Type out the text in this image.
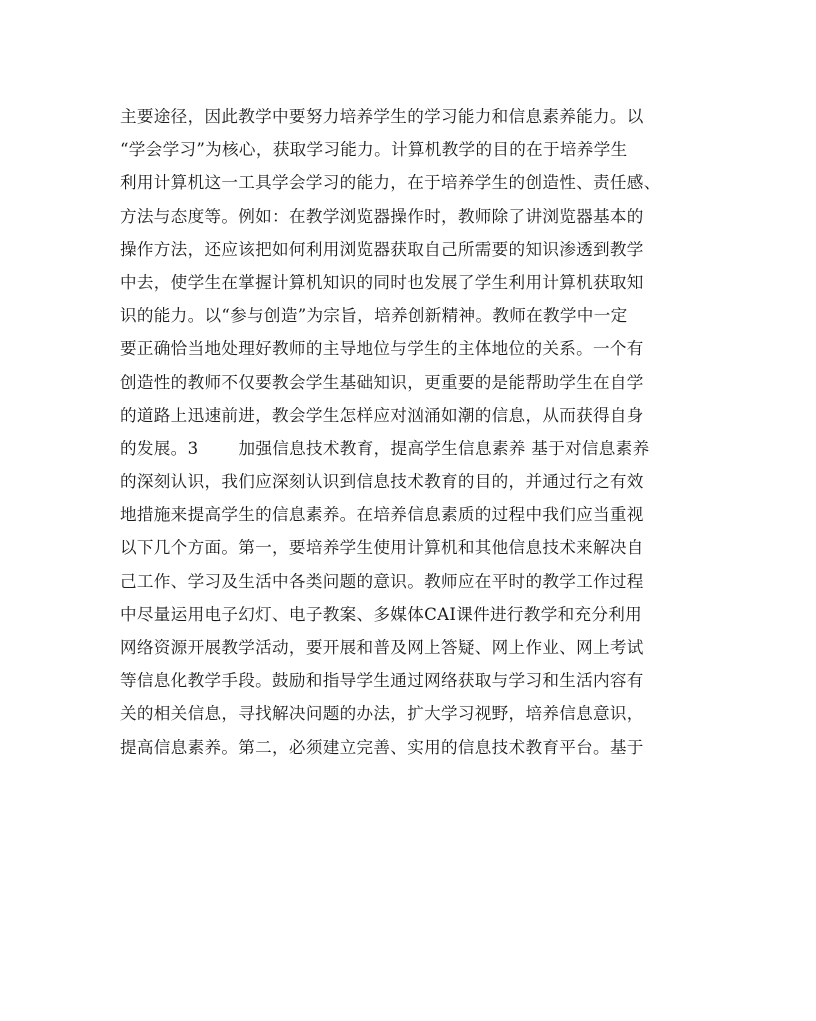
主要途径，因此教学中要努力培养学生的学习能力和信息素养能力。以
“学会学习”为核心，获取学习能力。计算机教学的目的在于培养学生
利用计算机这一工具学会学习的能力，在于培养学生的创造性、责任感、
方法与态度等。例如：在教学浏览器操作时，教师除了讲浏览器基本的
操作方法，还应该把如何利用浏览器获取自己所需要的知识渗透到教学
中去，使学生在掌握计算机知识的同时也发展了学生利用计算机获取知
识的能力。以“参与创造”为宗旨，培养创新精神。教师在教学中一定
要正确恰当地处理好教师的主导地位与学生的主体地位的关系。一个有
创造性的教师不仅要教会学生基础知识，更重要的是能帮助学生在自学
的道路上迅速前进，教会学生怎样应对汹涌如潮的信息，从而获得自身
的发展。3 加强信息技术教育，提高学生信息素养 基于对信息素养
的深刻认识，我们应深刻认识到信息技术教育的目的，并通过行之有效
地措施来提高学生的信息素养。在培养信息素质的过程中我们应当重视
以下几个方面。第一，要培养学生使用计算机和其他信息技术来解决自
己工作、学习及生活中各类问题的意识。教师应在平时的教学工作过程
中尽量运用电子幻灯、电子教案、多媒体CAI课件进行教学和充分利用
网络资源开展教学活动，要开展和普及网上答疑、网上作业、网上考试
等信息化教学手段。鼓励和指导学生通过网络获取与学习和生活内容有
关的相关信息，寻找解决问题的办法，扩大学习视野，培养信息意识，
提高信息素养。第二，必须建立完善、实用的信息技术教育平台。基于
